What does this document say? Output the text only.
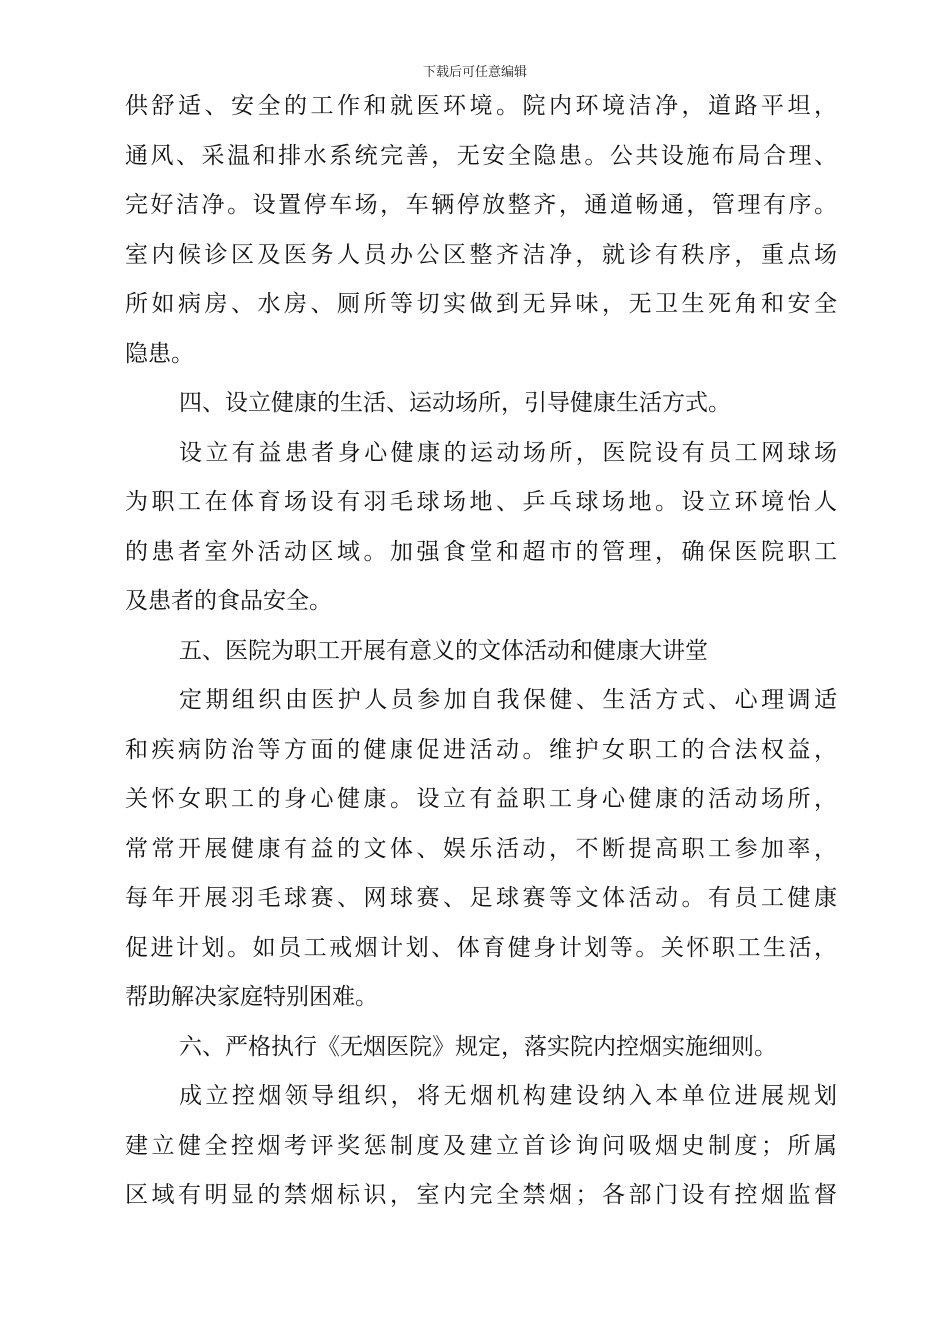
下载后可任意编辑
供舒适、安全的工作和就医环境。院内环境洁净，道路平坦，
通风、采温和排水系统完善，无安全隐患。公共设施布局合理、
完好洁净。设置停车场，车辆停放整齐，通道畅通，管理有序。
室内候诊区及医务人员办公区整齐洁净，就诊有秩序，重点场
所如病房、水房、厕所等切实做到无异味，无卫生死角和安全
隐患。
四、设立健康的生活、运动场所，引导健康生活方式。
设立有益患者身心健康的运动场所，医院设有员工网球场
为职工在体育场设有羽毛球场地、乒乓球场地。设立环境怡人
的患者室外活动区域。加强食堂和超市的管理，确保医院职工
及患者的食品安全。
五、医院为职工开展有意义的文体活动和健康大讲堂
定期组织由医护人员参加自我保健、生活方式、心理调适
和疾病防治等方面的健康促进活动。维护女职工的合法权益，
关怀女职工的身心健康。设立有益职工身心健康的活动场所，
常常开展健康有益的文体、娱乐活动，不断提高职工参加率，
每年开展羽毛球赛、网球赛、足球赛等文体活动。有员工健康
促进计划。如员工戒烟计划、体育健身计划等。关怀职工生活，
帮助解决家庭特别困难。
六、严格执行《无烟医院》规定，落实院内控烟实施细则。
成立控烟领导组织，将无烟机构建设纳入本单位进展规划
建立健全控烟考评奖惩制度及建立首诊询问吸烟史制度；所属
区域有明显的禁烟标识，室内完全禁烟；各部门设有控烟监督
